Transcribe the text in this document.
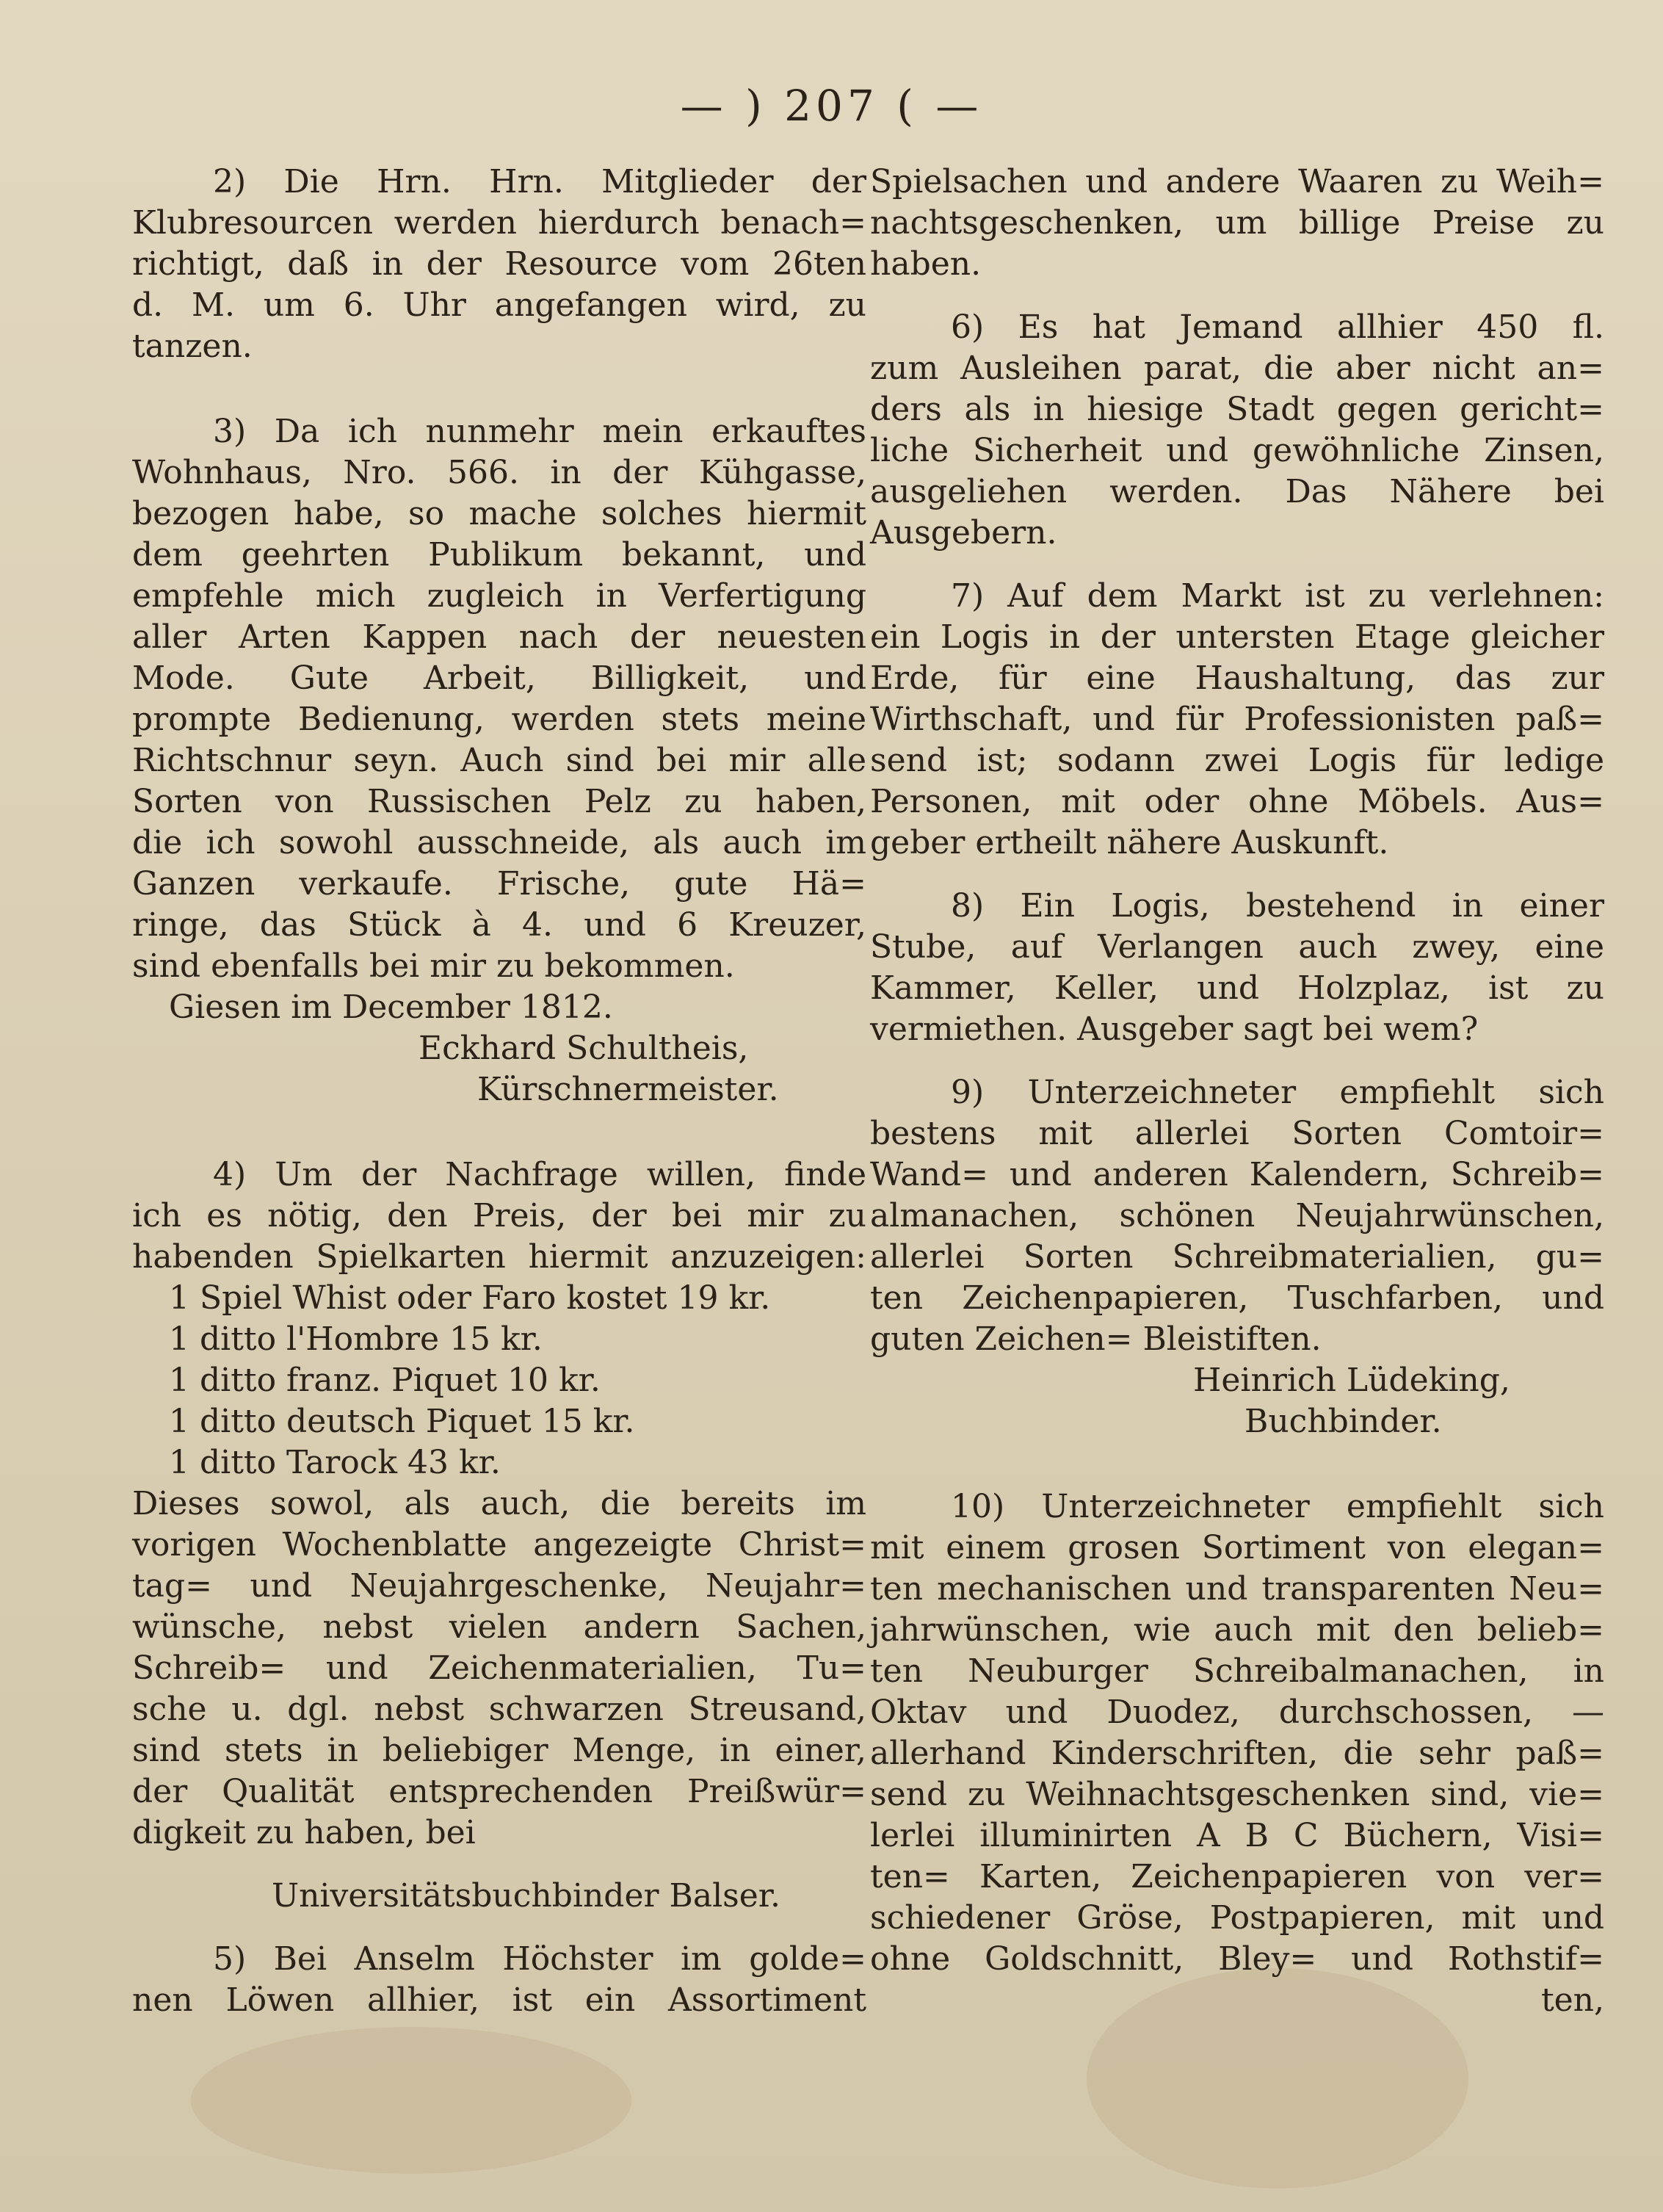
— ) 207 ( —
2) Die Hrn. Hrn. Mitglieder der
Klubresourcen werden hierdurch benach=
richtigt, daß in der Resource vom 26ten
d. M. um 6. Uhr angefangen wird, zu
tanzen.
3) Da ich nunmehr mein erkauftes
Wohnhaus, Nro. 566. in der Kühgasse,
bezogen habe, so mache solches hiermit
dem geehrten Publikum bekannt, und
empfehle mich zugleich in Verfertigung
aller Arten Kappen nach der neuesten
Mode. Gute Arbeit, Billigkeit, und
prompte Bedienung, werden stets meine
Richtschnur seyn. Auch sind bei mir alle
Sorten von Russischen Pelz zu haben,
die ich sowohl ausschneide, als auch im
Ganzen verkaufe. Frische, gute Hä=
ringe, das Stück à 4. und 6 Kreuzer,
sind ebenfalls bei mir zu bekommen.
Giesen im December 1812.
Eckhard Schultheis,
Kürschnermeister.
4) Um der Nachfrage willen, finde
ich es nötig, den Preis, der bei mir zu
habenden Spielkarten hiermit anzuzeigen:
1 Spiel Whist oder Faro kostet 19 kr.
1 ditto l'Hombre 15 kr.
1 ditto franz. Piquet 10 kr.
1 ditto deutsch Piquet 15 kr.
1 ditto Tarock 43 kr.
Dieses sowol, als auch, die bereits im
vorigen Wochenblatte angezeigte Christ=
tag= und Neujahrgeschenke, Neujahr=
wünsche, nebst vielen andern Sachen,
Schreib= und Zeichenmaterialien, Tu=
sche u. dgl. nebst schwarzen Streusand,
sind stets in beliebiger Menge, in einer,
der Qualität entsprechenden Preißwür=
digkeit zu haben, bei
Universitätsbuchbinder Balser.
5) Bei Anselm Höchster im golde=
nen Löwen allhier, ist ein Assortiment
Spielsachen und andere Waaren zu Weih=
nachtsgeschenken, um billige Preise zu
haben.
6) Es hat Jemand allhier 450 fl.
zum Ausleihen parat, die aber nicht an=
ders als in hiesige Stadt gegen gericht=
liche Sicherheit und gewöhnliche Zinsen,
ausgeliehen werden. Das Nähere bei
Ausgebern.
7) Auf dem Markt ist zu verlehnen:
ein Logis in der untersten Etage gleicher
Erde, für eine Haushaltung, das zur
Wirthschaft, und für Professionisten paß=
send ist; sodann zwei Logis für ledige
Personen, mit oder ohne Möbels. Aus=
geber ertheilt nähere Auskunft.
8) Ein Logis, bestehend in einer
Stube, auf Verlangen auch zwey, eine
Kammer, Keller, und Holzplaz, ist zu
vermiethen. Ausgeber sagt bei wem?
9) Unterzeichneter empfiehlt sich
bestens mit allerlei Sorten Comtoir=
Wand= und anderen Kalendern, Schreib=
almanachen, schönen Neujahrwünschen,
allerlei Sorten Schreibmaterialien, gu=
ten Zeichenpapieren, Tuschfarben, und
guten Zeichen= Bleistiften.
Heinrich Lüdeking,
Buchbinder.
10) Unterzeichneter empfiehlt sich
mit einem grosen Sortiment von elegan=
ten mechanischen und transparenten Neu=
jahrwünschen, wie auch mit den belieb=
ten Neuburger Schreibalmanachen, in
Oktav und Duodez, durchschossen, —
allerhand Kinderschriften, die sehr paß=
send zu Weihnachtsgeschenken sind, vie=
lerlei illuminirten A B C Büchern, Visi=
ten= Karten, Zeichenpapieren von ver=
schiedener Gröse, Postpapieren, mit und
ohne Goldschnitt, Bley= und Rothstif=
ten,
